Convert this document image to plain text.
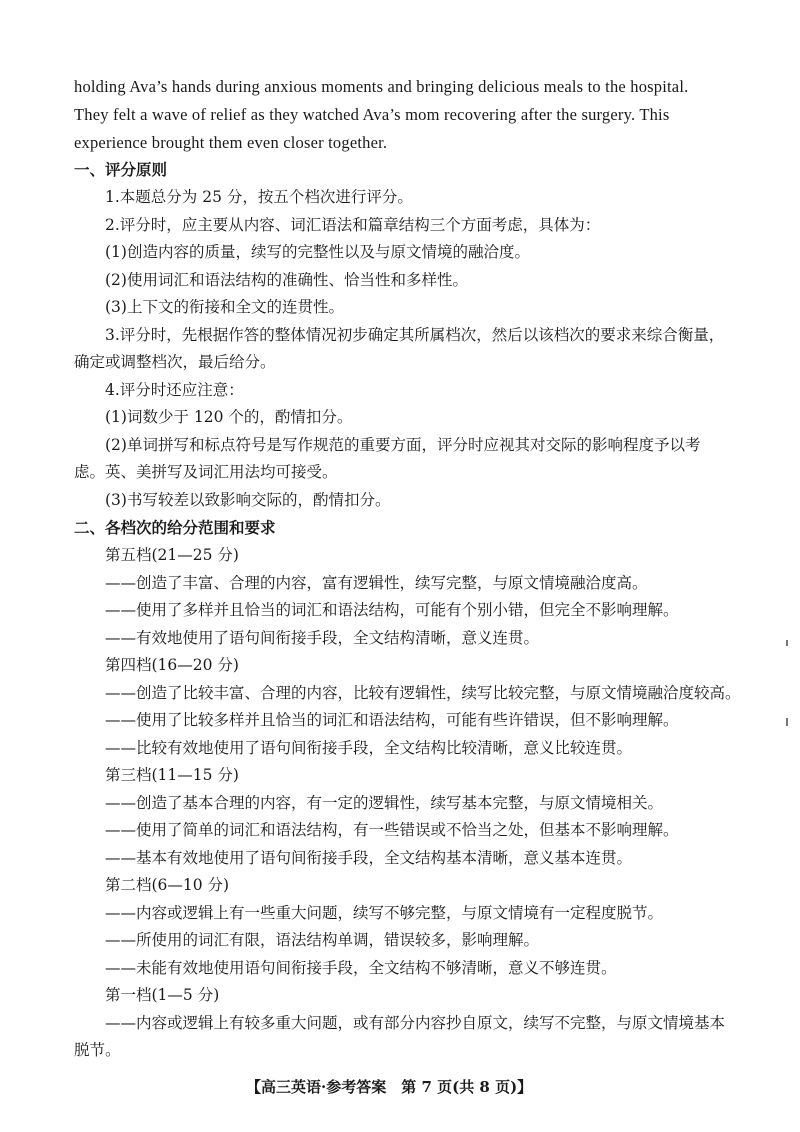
holding Ava’s hands during anxious moments and bringing delicious meals to the hospital.
They felt a wave of relief as they watched Ava’s mom recovering after the surgery. This
experience brought them even closer together.
一、评分原则
1.本题总分为 25 分，按五个档次进行评分。
2.评分时，应主要从内容、词汇语法和篇章结构三个方面考虑，具体为：
(1)创造内容的质量，续写的完整性以及与原文情境的融洽度。
(2)使用词汇和语法结构的准确性、恰当性和多样性。
(3)上下文的衔接和全文的连贯性。
3.评分时，先根据作答的整体情况初步确定其所属档次，然后以该档次的要求来综合衡量，
确定或调整档次，最后给分。
4.评分时还应注意：
(1)词数少于 120 个的，酌情扣分。
(2)单词拼写和标点符号是写作规范的重要方面，评分时应视其对交际的影响程度予以考
虑。英、美拼写及词汇用法均可接受。
(3)书写较差以致影响交际的，酌情扣分。
二、各档次的给分范围和要求
第五档(21—25 分)
——创造了丰富、合理的内容，富有逻辑性，续写完整，与原文情境融洽度高。
——使用了多样并且恰当的词汇和语法结构，可能有个别小错，但完全不影响理解。
——有效地使用了语句间衔接手段，全文结构清晰，意义连贯。
第四档(16—20 分)
——创造了比较丰富、合理的内容，比较有逻辑性，续写比较完整，与原文情境融洽度较高。
——使用了比较多样并且恰当的词汇和语法结构，可能有些许错误，但不影响理解。
——比较有效地使用了语句间衔接手段，全文结构比较清晰，意义比较连贯。
第三档(11—15 分)
——创造了基本合理的内容，有一定的逻辑性，续写基本完整，与原文情境相关。
——使用了简单的词汇和语法结构，有一些错误或不恰当之处，但基本不影响理解。
——基本有效地使用了语句间衔接手段，全文结构基本清晰，意义基本连贯。
第二档(6—10 分)
——内容或逻辑上有一些重大问题，续写不够完整，与原文情境有一定程度脱节。
——所使用的词汇有限，语法结构单调，错误较多，影响理解。
——未能有效地使用语句间衔接手段，全文结构不够清晰，意义不够连贯。
第一档(1—5 分)
——内容或逻辑上有较多重大问题，或有部分内容抄自原文，续写不完整，与原文情境基本
脱节。
【高三英语·参考答案　第 7 页(共 8 页)】
